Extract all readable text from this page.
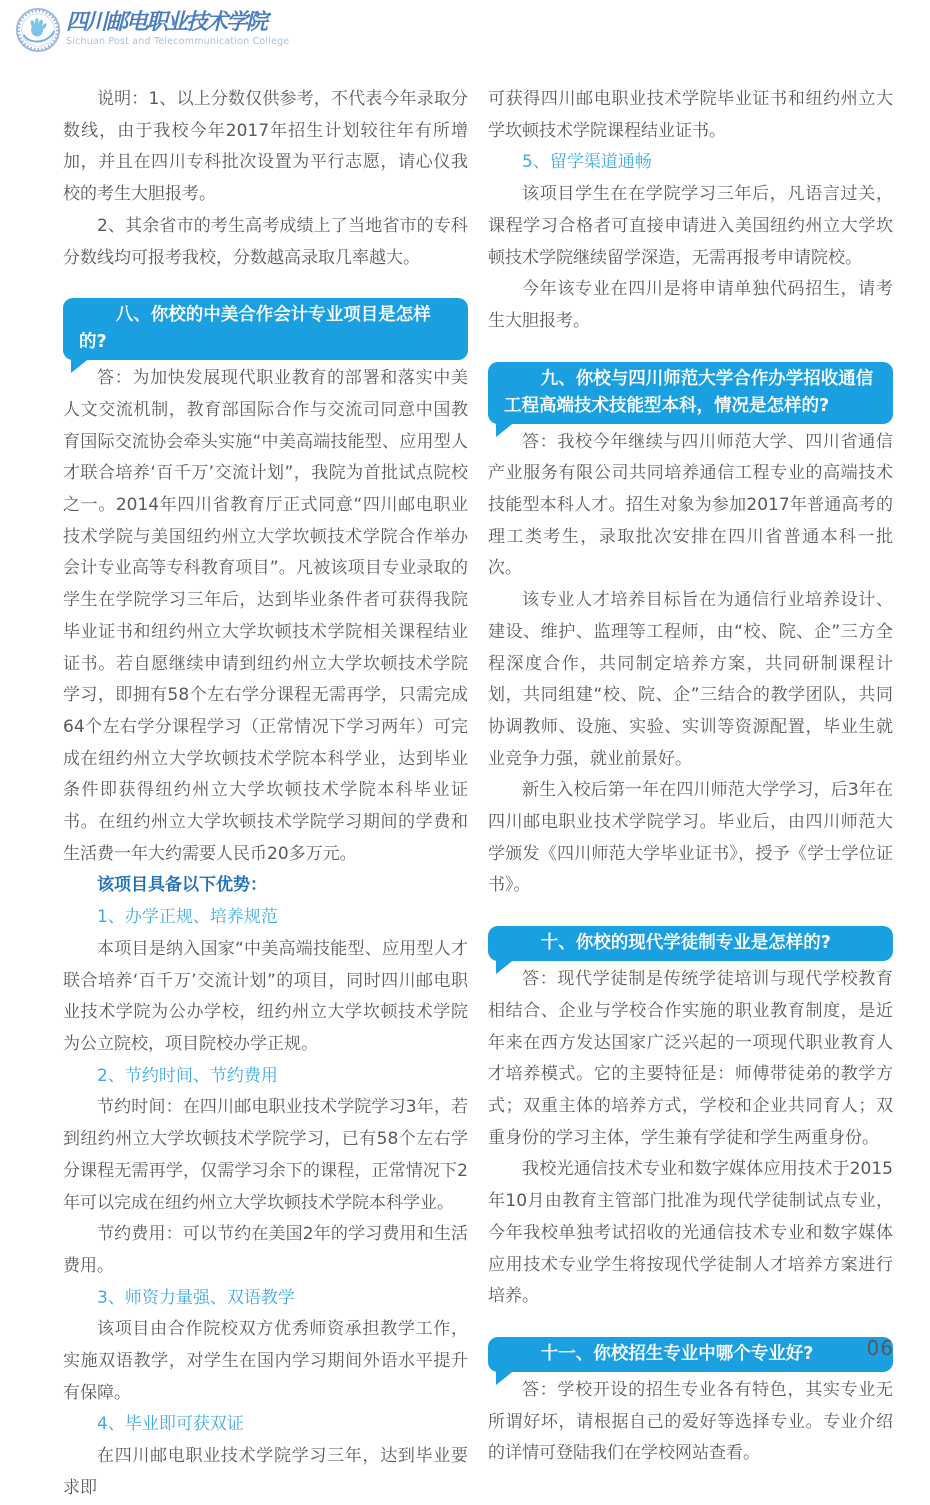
四川邮电职业技术学院
Sichuan Post and Telecommunication College

说明：1、以上分数仅供参考，不代表今年录取分数线，由于我校今年2017年招生计划较往年有所增加，并且在四川专科批次设置为平行志愿，请心仪我校的考生大胆报考。

2、其余省市的考生高考成绩上了当地省市的专科分数线均可报考我校，分数越高录取几率越大。

八、你校的中美合作会计专业项目是怎样的?

答：为加快发展现代职业教育的部署和落实中美人文交流机制，教育部国际合作与交流司同意中国教育国际交流协会牵头实施“中美高端技能型、应用型人才联合培养‘百千万’交流计划”，我院为首批试点院校之一。2014年四川省教育厅正式同意“四川邮电职业技术学院与美国纽约州立大学坎顿技术学院合作举办会计专业高等专科教育项目”。凡被该项目专业录取的学生在学院学习三年后，达到毕业条件者可获得我院毕业证书和纽约州立大学坎顿技术学院相关课程结业证书。若自愿继续申请到纽约州立大学坎顿技术学院学习，即拥有58个左右学分课程无需再学，只需完成64个左右学分课程学习（正常情况下学习两年）可完成在纽约州立大学坎顿技术学院本科学业，达到毕业条件即获得纽约州立大学坎顿技术学院本科毕业证书。在纽约州立大学坎顿技术学院学习期间的学费和生活费一年大约需要人民币20多万元。

该项目具备以下优势：

1、办学正规、培养规范

本项目是纳入国家“中美高端技能型、应用型人才联合培养‘百千万’交流计划”的项目，同时四川邮电职业技术学院为公办学校，纽约州立大学坎顿技术学院为公立院校，项目院校办学正规。

2、节约时间、节约费用

节约时间：在四川邮电职业技术学院学习3年，若到纽约州立大学坎顿技术学院学习，已有58个左右学分课程无需再学，仅需学习余下的课程，正常情况下2年可以完成在纽约州立大学坎顿技术学院本科学业。

节约费用：可以节约在美国2年的学习费用和生活费用。

3、师资力量强、双语教学

该项目由合作院校双方优秀师资承担教学工作，实施双语教学，对学生在国内学习期间外语水平提升有保障。

4、毕业即可获双证

在四川邮电职业技术学院学习三年，达到毕业要求即

可获得四川邮电职业技术学院毕业证书和纽约州立大学坎顿技术学院课程结业证书。

5、留学渠道通畅

该项目学生在在学院学习三年后，凡语言过关，课程学习合格者可直接申请进入美国纽约州立大学坎顿技术学院继续留学深造，无需再报考申请院校。

今年该专业在四川是将申请单独代码招生，请考生大胆报考。

九、你校与四川师范大学合作办学招收通信工程高端技术技能型本科，情况是怎样的?

答：我校今年继续与四川师范大学、四川省通信产业服务有限公司共同培养通信工程专业的高端技术技能型本科人才。招生对象为参加2017年普通高考的理工类考生，录取批次安排在四川省普通本科一批次。

该专业人才培养目标旨在为通信行业培养设计、建设、维护、监理等工程师，由“校、院、企”三方全程深度合作，共同制定培养方案，共同研制课程计划，共同组建“校、院、企”三结合的教学团队，共同协调教师、设施、实验、实训等资源配置，毕业生就业竞争力强，就业前景好。

新生入校后第一年在四川师范大学学习，后3年在四川邮电职业技术学院学习。毕业后，由四川师范大学颁发《四川师范大学毕业证书》，授予《学士学位证书》。

十、你校的现代学徒制专业是怎样的?

答：现代学徒制是传统学徒培训与现代学校教育相结合、企业与学校合作实施的职业教育制度，是近年来在西方发达国家广泛兴起的一项现代职业教育人才培养模式。它的主要特征是：师傅带徒弟的教学方式；双重主体的培养方式，学校和企业共同育人；双重身份的学习主体，学生兼有学徒和学生两重身份。

我校光通信技术专业和数字媒体应用技术于2015年10月由教育主管部门批准为现代学徒制试点专业，今年我校单独考试招收的光通信技术专业和数字媒体应用技术专业学生将按现代学徒制人才培养方案进行培养。

十一、你校招生专业中哪个专业好?

答：学校开设的招生专业各有特色，其实专业无所谓好坏，请根据自己的爱好等选择专业。专业介绍的详情可登陆我们在学校网站查看。

06
